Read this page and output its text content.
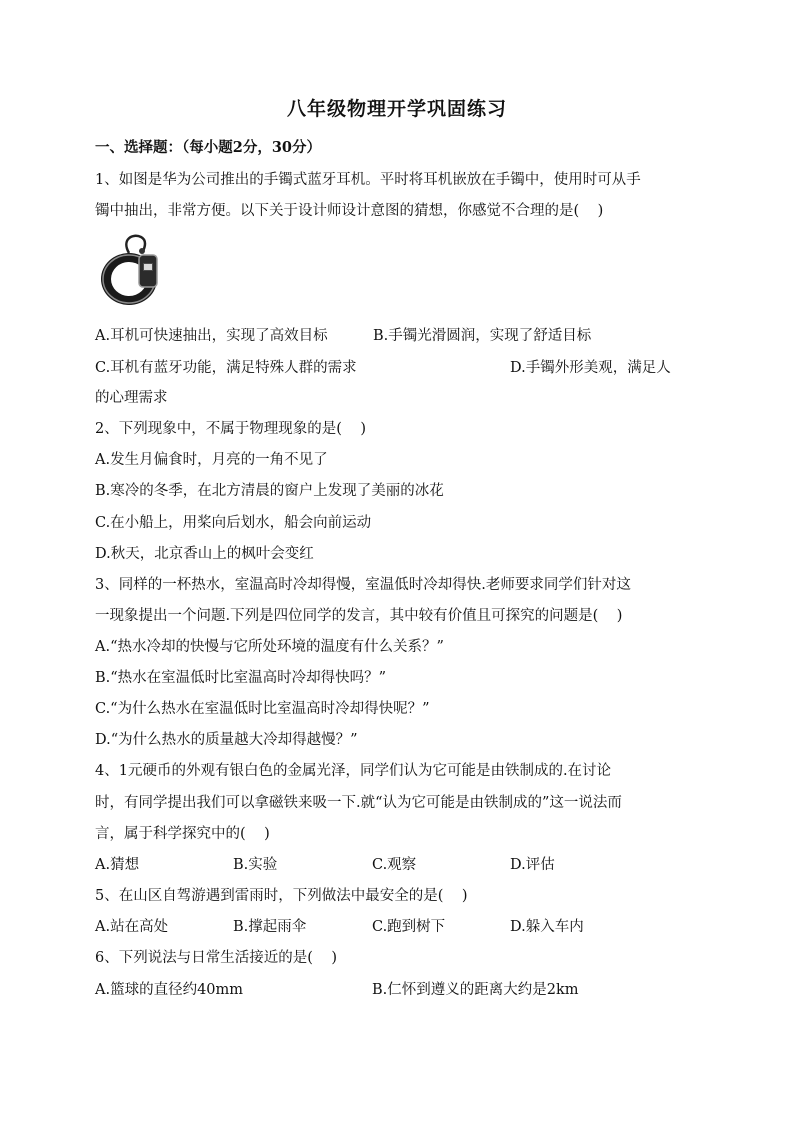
八年级物理开学巩固练习
一、选择题：（每小题2分，30分）
1、如图是华为公司推出的手镯式蓝牙耳机。平时将耳机嵌放在手镯中，使用时可从手
镯中抽出，非常方便。以下关于设计师设计意图的猜想，你感觉不合理的是(    )
A.耳机可快速抽出，实现了高效目标	B.手镯光滑圆润，实现了舒适目标
C.耳机有蓝牙功能，满足特殊人群的需求	D.手镯外形美观，满足人
的心理需求
2、下列现象中，不属于物理现象的是(    )
A.发生月偏食时，月亮的一角不见了
B.寒冷的冬季，在北方清晨的窗户上发现了美丽的冰花
C.在小船上，用桨向后划水，船会向前运动
D.秋天，北京香山上的枫叶会变红
3、同样的一杯热水，室温高时冷却得慢，室温低时冷却得快.老师要求同学们针对这
一现象提出一个问题.下列是四位同学的发言，其中较有价值且可探究的问题是(    )
A.“热水冷却的快慢与它所处环境的温度有什么关系？”
B.“热水在室温低时比室温高时冷却得快吗？”
C.“为什么热水在室温低时比室温高时冷却得快呢？”
D.“为什么热水的质量越大冷却得越慢？”
4、1元硬币的外观有银白色的金属光泽，同学们认为它可能是由铁制成的.在讨论
时，有同学提出我们可以拿磁铁来吸一下.就“认为它可能是由铁制成的”这一说法而
言，属于科学探究中的(    )
A.猜想	B.实验	C.观察	D.评估
5、在山区自驾游遇到雷雨时，下列做法中最安全的是(    )
A.站在高处	B.撑起雨伞	C.跑到树下	D.躲入车内
6、下列说法与日常生活接近的是(    )
A.篮球的直径约40mm	B.仁怀到遵义的距离大约是2km
